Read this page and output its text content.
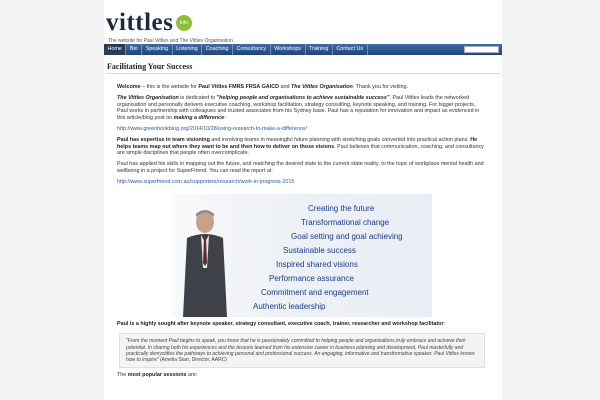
vittles	info
The website for Paul Vittles and The Vittles Organisation
Home	Bio	Speaking	Listening	Coaching	Consultancy	Workshops	Training	Contact Us
Facilitating Your Success

Welcome – this is the website for Paul Vittles FMRS FRSA GAICD and The Vittles Organisation. Thank you for visiting.

The Vittles Organisation is dedicated to "helping people and organisations to achieve sustainable success". Paul Vittles leads the networked organisation and personally delivers executive coaching, workshop facilitation, strategy consulting, keynote speaking, and training. For bigger projects, Paul works in partnership with colleagues and trusted associates from his Sydney base. Paul has a reputation for innovation and impact as evidenced in this article/blog post on making a difference:

http://www.greenbookblog.org/2014/10/28/using-research-to-make-a-difference/

Paul has expertise in team visioning and involving teams in meaningful future planning with stretching goals converted into practical action plans. He helps teams map out where they want to be and then how to deliver on those visions. Paul believes that communication, coaching, and consultancy are simple disciplines that people often overcomplicate.

Paul has applied his skills in mapping out the future, and matching the desired state to the current state reality, to the topic of workplace mental health and wellbeing in a project for SuperFriend. You can read the report at:

http://www.superfriend.com.au/supporters/research/work-in-progress-2015

Creating the future
Transformational change
Goal setting and goal achieving
Sustainable success
Inspired shared visions
Performance assurance
Commitment and engagement
Authentic leadership

Paul is a highly sought after keynote speaker, strategy consultant, executive coach, trainer, researcher and workshop facilitator:

"From the moment Paul begins to speak, you know that he is passionately committed to helping people and organisations truly embrace and achieve their potential. In sharing both his experiences and the lessons learned from his extensive career in business planning and development, Paul masterfully and practically demystifies the pathways to achieving personal and professional success. An engaging, informative and transformative speaker. Paul Vittles knows how to inspire" (Amelia Starr, Director, AARC)

The most popular sessions are:
